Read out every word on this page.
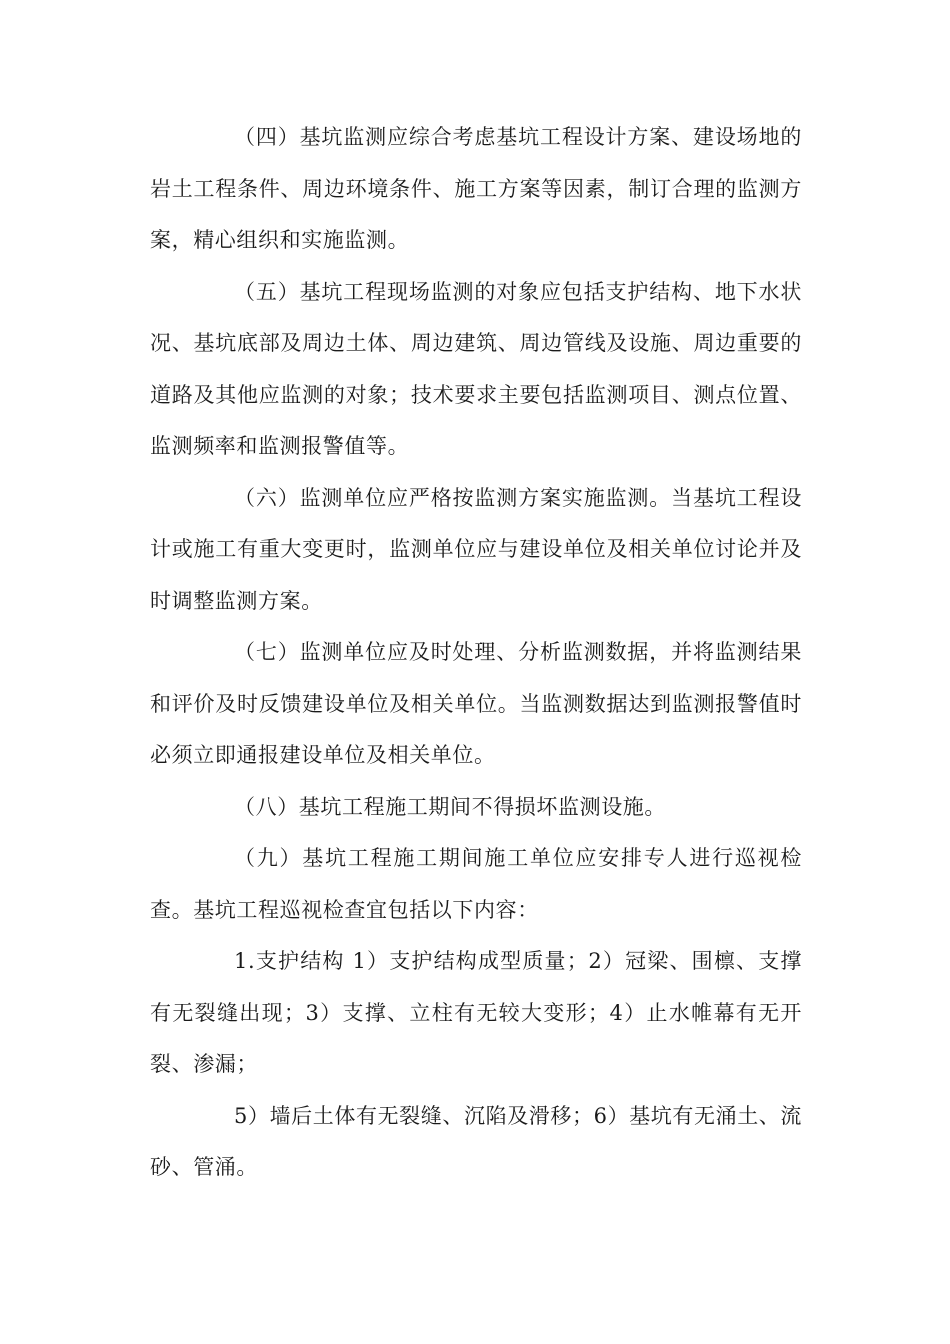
（四）基坑监测应综合考虑基坑工程设计方案、建设场地的岩土工程条件、周边环境条件、施工方案等因素，制订合理的监测方案，精心组织和实施监测。

（五）基坑工程现场监测的对象应包括支护结构、地下水状况、基坑底部及周边土体、周边建筑、周边管线及设施、周边重要的道路及其他应监测的对象；技术要求主要包括监测项目、测点位置、监测频率和监测报警值等。

（六）监测单位应严格按监测方案实施监测。当基坑工程设计或施工有重大变更时，监测单位应与建设单位及相关单位讨论并及时调整监测方案。

（七）监测单位应及时处理、分析监测数据，并将监测结果和评价及时反馈建设单位及相关单位。当监测数据达到监测报警值时必须立即通报建设单位及相关单位。

（八）基坑工程施工期间不得损坏监测设施。

（九）基坑工程施工期间施工单位应安排专人进行巡视检查。基坑工程巡视检查宜包括以下内容：

1.支护结构 1）支护结构成型质量；2）冠梁、围檩、支撑有无裂缝出现；3）支撑、立柱有无较大变形；4）止水帷幕有无开裂、渗漏；

5）墙后土体有无裂缝、沉陷及滑移；6）基坑有无涌土、流砂、管涌。
